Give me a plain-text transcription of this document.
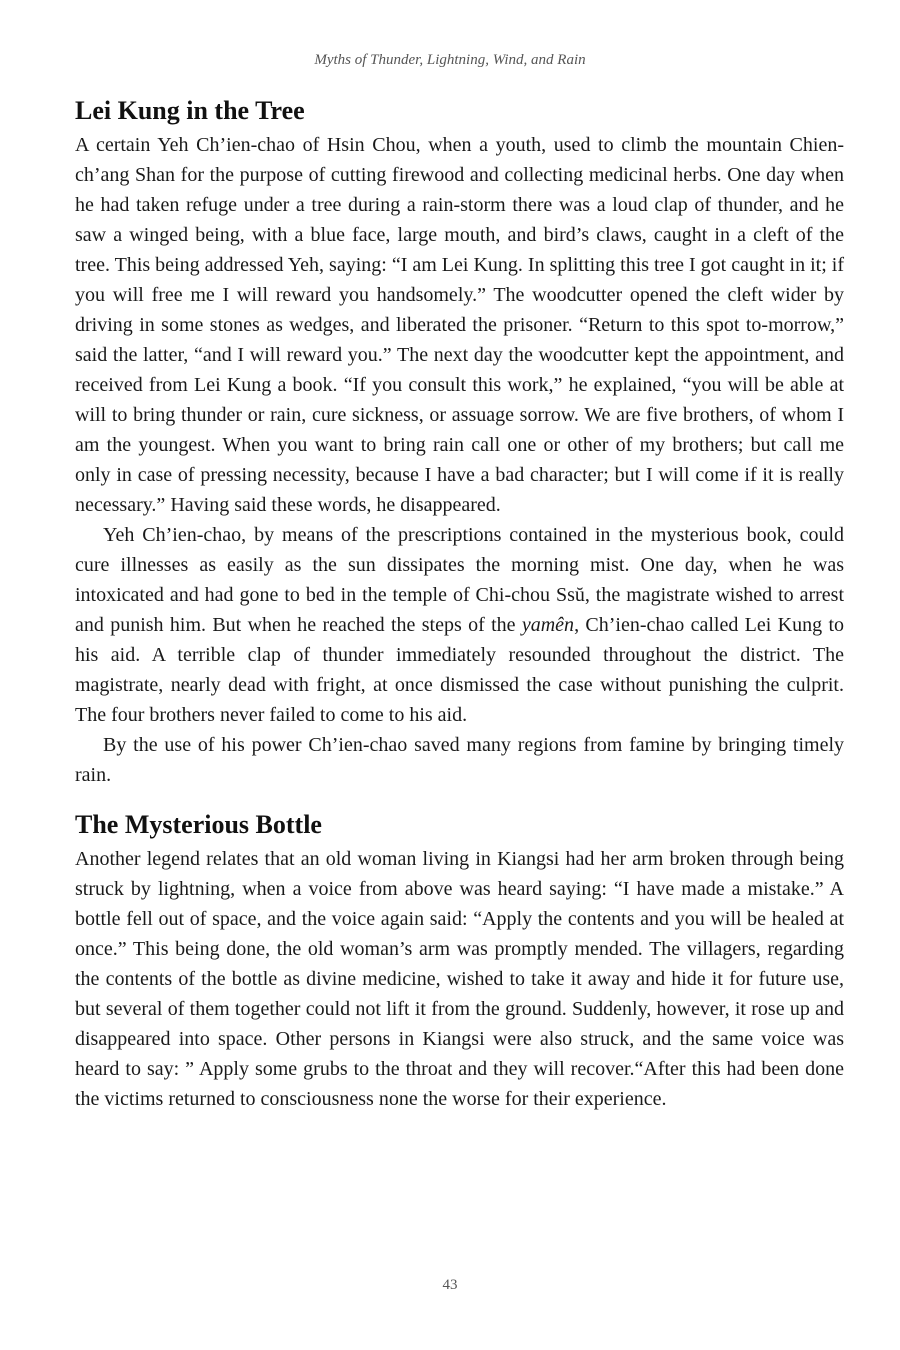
Myths of Thunder, Lightning, Wind, and Rain
Lei Kung in the Tree

A certain Yeh Ch’ien-chao of Hsin Chou, when a youth, used to climb the mountain Chien-ch’ang Shan for the purpose of cutting firewood and collecting medicinal herbs. One day when he had taken refuge under a tree during a rain-storm there was a loud clap of thunder, and he saw a winged being, with a blue face, large mouth, and bird’s claws, caught in a cleft of the tree. This being addressed Yeh, saying: “I am Lei Kung. In splitting this tree I got caught in it; if you will free me I will reward you handsomely.” The woodcutter opened the cleft wider by driving in some stones as wedges, and liberated the prisoner. “Return to this spot to-morrow,” said the latter, “and I will reward you.” The next day the woodcutter kept the appointment, and received from Lei Kung a book. “If you consult this work,” he explained, “you will be able at will to bring thunder or rain, cure sickness, or assuage sorrow. We are five brothers, of whom I am the youngest. When you want to bring rain call one or other of my brothers; but call me only in case of pressing necessity, because I have a bad character; but I will come if it is really necessary.” Having said these words, he disappeared.

Yeh Ch’ien-chao, by means of the prescriptions contained in the mysterious book, could cure illnesses as easily as the sun dissipates the morning mist. One day, when he was intoxicated and had gone to bed in the temple of Chi-chou Ssŭ, the magistrate wished to arrest and punish him. But when he reached the steps of the yamên, Ch’ien-chao called Lei Kung to his aid. A terrible clap of thunder immediately resounded throughout the district. The magistrate, nearly dead with fright, at once dismissed the case without punishing the culprit. The four brothers never failed to come to his aid.

By the use of his power Ch’ien-chao saved many regions from famine by bringing timely rain.

The Mysterious Bottle

Another legend relates that an old woman living in Kiangsi had her arm broken through being struck by lightning, when a voice from above was heard saying: “I have made a mistake.” A bottle fell out of space, and the voice again said: “Apply the contents and you will be healed at once.” This being done, the old woman’s arm was promptly mended. The villagers, regarding the contents of the bottle as divine medicine, wished to take it away and hide it for future use, but several of them together could not lift it from the ground. Suddenly, however, it rose up and disappeared into space. Other persons in Kiangsi were also struck, and the same voice was heard to say: ” Apply some grubs to the throat and they will recover.“After this had been done the victims returned to consciousness none the worse for their experience.

43
